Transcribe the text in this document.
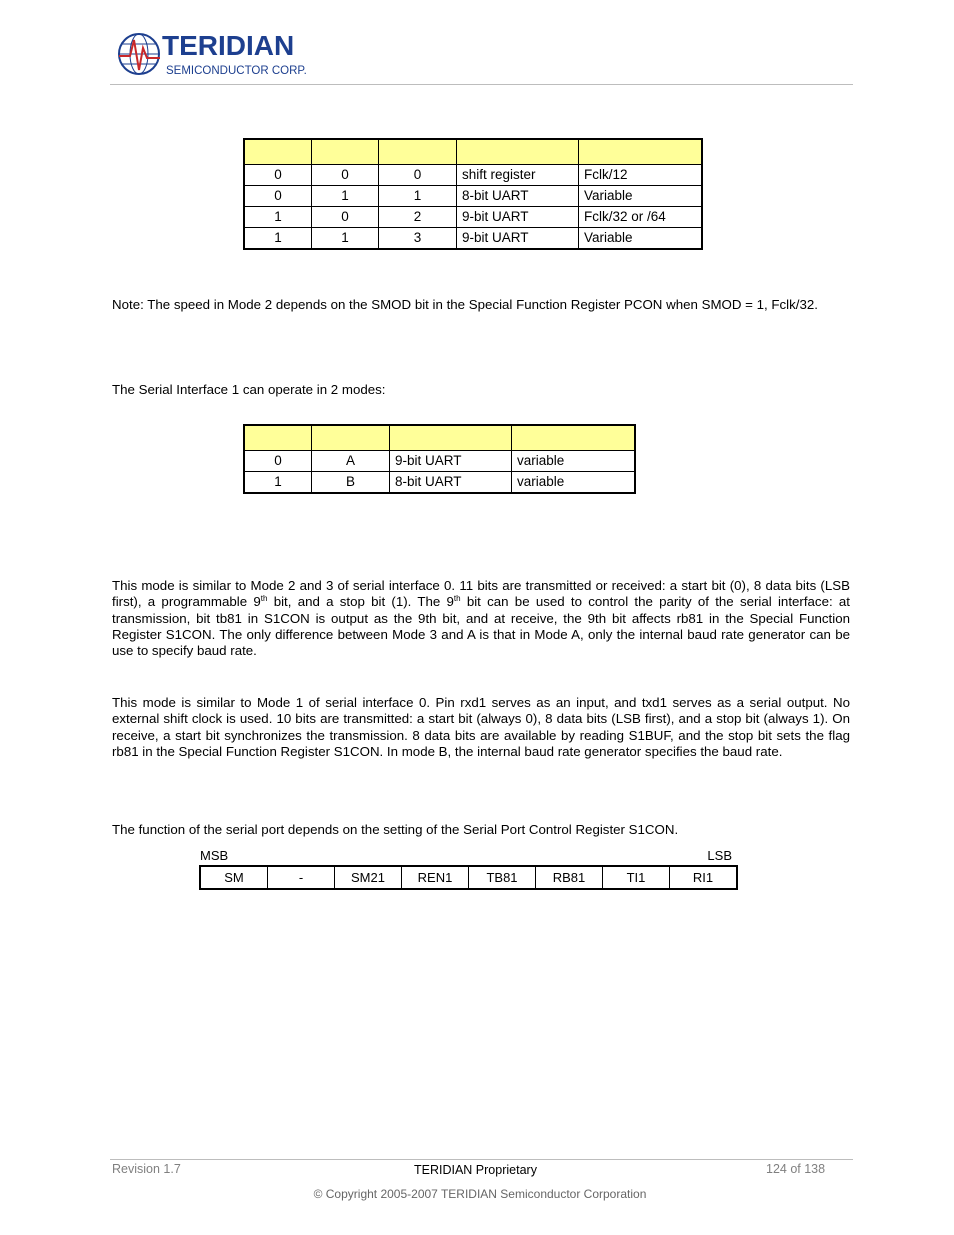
TERIDIAN
SEMICONDUCTOR CORP.

0	0	0	shift register	Fclk/12
0	1	1	8-bit UART	Variable
1	0	2	9-bit UART	Fclk/32 or /64
1	1	3	9-bit UART	Variable

Note: The speed in Mode 2 depends on the SMOD bit in the Special Function Register PCON when SMOD = 1, Fclk/32.

The Serial Interface 1 can operate in 2 modes:

0	A	9-bit UART	variable
1	B	8-bit UART	variable

This mode is similar to Mode 2 and 3 of serial interface 0. 11 bits are transmitted or received: a start bit (0), 8 data bits (LSB first), a programmable 9th bit, and a stop bit (1). The 9th bit can be used to control the parity of the serial interface: at transmission, bit tb81 in S1CON is output as the 9th bit, and at receive, the 9th bit affects rb81 in the Special Function Register S1CON. The only difference between Mode 3 and A is that in Mode A, only the internal baud rate generator can be use to specify baud rate.

This mode is similar to Mode 1 of serial interface 0. Pin rxd1 serves as an input, and txd1 serves as a serial output. No external shift clock is used. 10 bits are transmitted: a start bit (always 0), 8 data bits (LSB first), and a stop bit (always 1). On receive, a start bit synchronizes the transmission. 8 data bits are available by reading S1BUF, and the stop bit sets the flag rb81 in the Special Function Register S1CON. In mode B, the internal baud rate generator specifies the baud rate.

The function of the serial port depends on the setting of the Serial Port Control Register S1CON.

MSB	LSB
SM	-	SM21	REN1	TB81	RB81	TI1	RI1
Revision 1.7	TERIDIAN Proprietary	124 of 138
© Copyright 2005-2007 TERIDIAN Semiconductor Corporation
